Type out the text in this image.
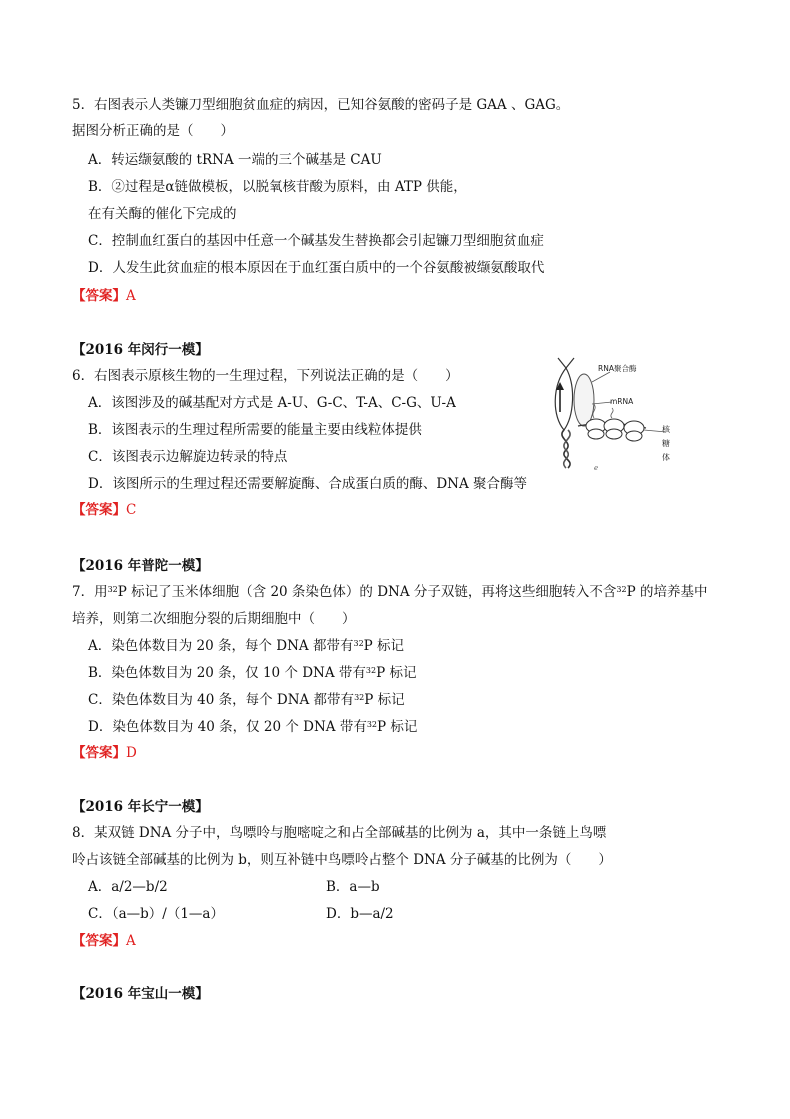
5．右图表示人类镰刀型细胞贫血症的病因，已知谷氨酸的密码子是 GAA 、GAG。
据图分析正确的是（　　）
A．转运缬氨酸的 tRNA 一端的三个碱基是 CAU
B．②过程是α链做模板，以脱氧核苷酸为原料，由 ATP 供能，
在有关酶的催化下完成的
C．控制血红蛋白的基因中任意一个碱基发生替换都会引起镰刀型细胞贫血症
D．人发生此贫血症的根本原因在于血红蛋白质中的一个谷氨酸被缬氨酸取代
【答案】A
【2016 年闵行一模】
6．右图表示原核生物的一生理过程，下列说法正确的是（　　）
A．该图涉及的碱基配对方式是 A-U、G-C、T-A、C-G、U-A
B．该图表示的生理过程所需要的能量主要由线粒体提供
C．该图表示边解旋边转录的特点
D．该图所示的生理过程还需要解旋酶、合成蛋白质的酶、DNA 聚合酶等
【答案】C
RNA聚合酶
mRNA
核
糖
体
ℯ
【2016 年普陀一模】
7．用$^{32}$P 标记了玉米体细胞（含 20 条染色体）的 DNA 分子双链，再将这些细胞转入不含$^{32}$P 的培养基中
培养，则第二次细胞分裂的后期细胞中（　　）
A．染色体数目为 20 条，每个 DNA 都带有$^{32}$P 标记
B．染色体数目为 20 条，仅 10 个 DNA 带有$^{32}$P 标记
C．染色体数目为 40 条，每个 DNA 都带有$^{32}$P 标记
D．染色体数目为 40 条，仅 20 个 DNA 带有$^{32}$P 标记
【答案】D
【2016 年长宁一模】
8．某双链 DNA 分子中，鸟嘌呤与胞嘧啶之和占全部碱基的比例为 a，其中一条链上鸟嘌
呤占该链全部碱基的比例为 b，则互补链中鸟嘌呤占整个 DNA 分子碱基的比例为（　　）
A．a/2—b/2	B．a—b
C．（a—b）/（1—a）	D．b—a/2
【答案】A
【2016 年宝山一模】
